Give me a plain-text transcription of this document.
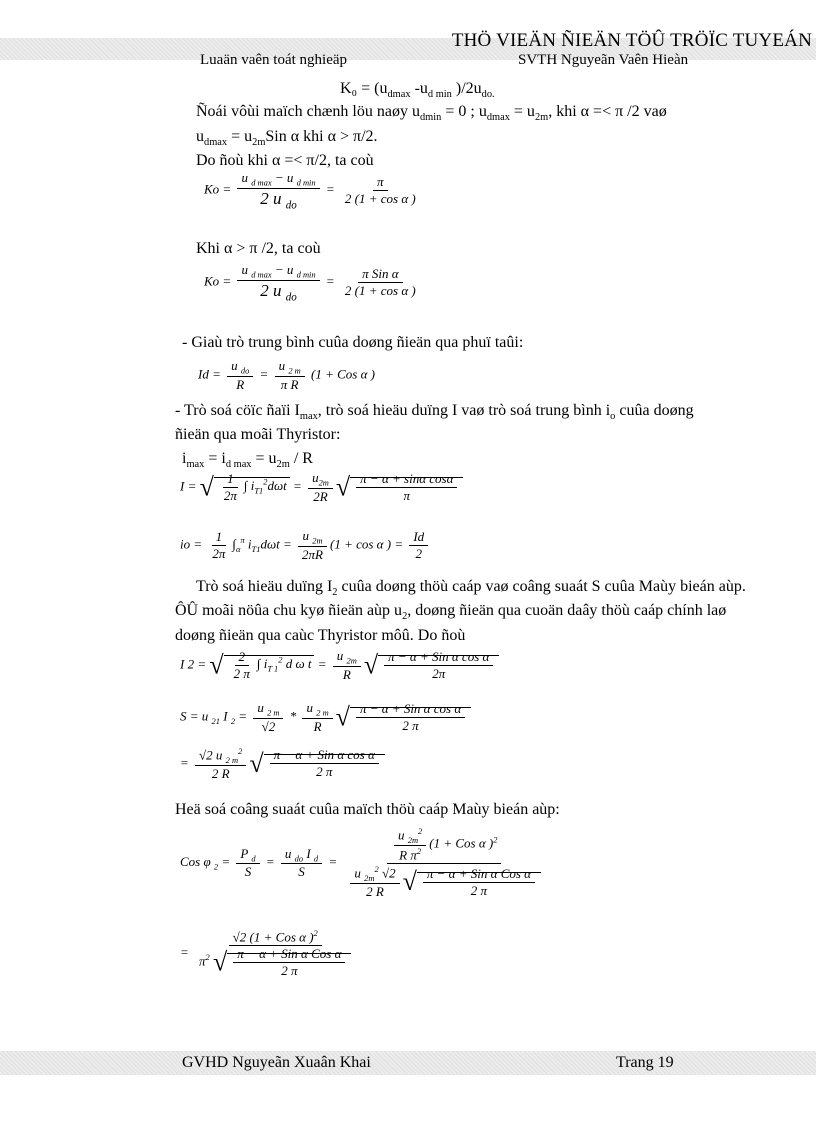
THÖ VIEÄN ÑIEÄN TÖÛ TRÖÏC TUYEÁN
Luaän vaên toát nghieäp	SVTH Nguyeãn Vaên Hieàn
$K_0 = (u_{dmax}$ $-u_{d min}$ )$/2u_{do.}$
Ñoái vôùi maïch chænh löu naøy $u_{dmin} = 0$ ; $u_{dmax} = u_{2m}$, khi α =< π /2 vaø
$u_{dmax} = u_{2m}Sin$ α khi α > π/2.
Do ñoù khi α =< π/2, ta coù
$Ko = \frac{u _{d max} - u _{d min}}{2 u _{do}} = \frac{\pi}{\text{2 (1 + cos α )}}$
Khi α > π /2, ta coù
$Ko = \frac{u _{d max} - u _{d min}}{2 u _{do}} = \frac{\text{π Sin α}}{\text{2 (1 + cos α )}}$
- Giaù trò trung bình cuûa doøng ñieän qua phuï taûi:
$Id = \frac{u _{do}}{R} = \frac{u _{2 m}}{\text{π R}} (1$ + Cos α )
- Trò soá cöïc ñaïi $I_{max}$, trò soá hieäu duïng I vaø trò soá trung bình $i_o$ cuûa doøng
ñieän qua moãi Thyristor:
$i_{max} = i_{d max} = u_{2m} / R$
I = √ $\frac{1}{2\pi}$ ∫ $i_{T1}^2d\omega t = \frac{u_{2m}}{2R}$ √ $\frac{\text{π − α + sinα cosα}}{\pi}$
io = $\frac{1}{2\pi} \int_\alpha^\pi$ $i_{T1}d\omega t = \frac{u _{2m}}{2\pi R} (1 + \cos \alpha$ ) = $\frac{Id}{2}$
Trò soá hieäu duïng $I_2$ cuûa doøng thöù caáp vaø coâng suaát S cuûa Maùy bieán aùp.
ÔÛ moãi nöûa chu kyø ñieän aùp $u_2$, doøng ñieän qua cuoän daây thöù caáp chính laø
doøng ñieän qua caùc Thyristor môû. Do ñoù
I 2 = √ $\frac{2}{2 \pi}$ ∫ $i_{T 1}^2$ d ω $t = \frac{u _{2m}}{R}$ √ $\frac{\text{π − α + Sin α cos α}}{2\pi}$
S = u $_{21}$ I $_2 = \frac{u _{2 m}}{√2} * \frac{u _{2 m}}{R}$ √ $\frac{\text{π − α + Sin α cos α}}{2 \pi}$
= $\frac{√2 u _{2 m}^2}{2 R}$ √ $\frac{\text{π − α + Sin α cos α}}{2 \pi}$
Heä soá coâng suaát cuûa maïch thöù caáp Maùy bieán aùp:
Cos φ $_2 = \frac{P _d}{S} = \frac{u _{do} I _d}{S} = \frac{\frac{u _{2m}^2}{R \pi^2} (1 + Cos \alpha )^2}{\frac{u _{2m}^2 √2}{2 R} √ \frac{\text{π − α + Sin α Cos α}}{2 \pi}}$
= $\frac{√2 (1 + Cos \alpha )^2}{\pi^2 √ \frac{\text{π − α + Sin α Cos α}}{2 \pi}}$
GVHD Nguyeãn Xuaân Khai	Trang 19
